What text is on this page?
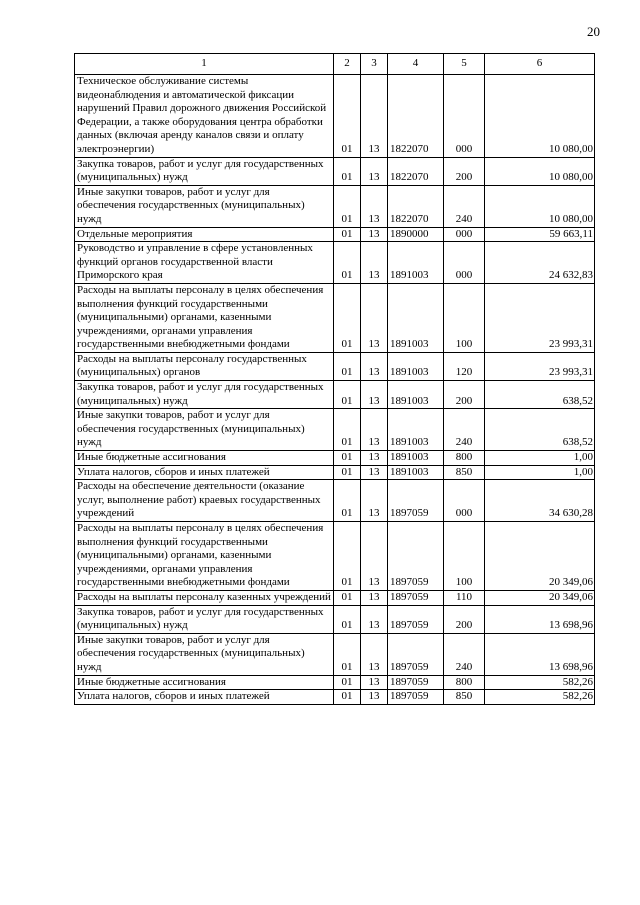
20
1	2	3	4	5	6
Техническое обслуживание системы видеонаблюдения и автоматической фиксации нарушений Правил дорожного движения Российской Федерации, а также оборудования центра обработки данных (включая аренду каналов связи и оплату электроэнергии)	01	13	1822070	000	10 080,00
Закупка товаров, работ и услуг для государственных (муниципальных) нужд	01	13	1822070	200	10 080,00
Иные закупки товаров, работ и услуг для обеспечения государственных (муниципальных) нужд	01	13	1822070	240	10 080,00
Отдельные мероприятия	01	13	1890000	000	59 663,11
Руководство и управление в сфере установленных функций органов государственной власти Приморского края	01	13	1891003	000	24 632,83
Расходы на выплаты персоналу в целях обеспечения выполнения функций государственными (муниципальными) органами, казенными учреждениями, органами управления государственными внебюджетными фондами	01	13	1891003	100	23 993,31
Расходы на выплаты персоналу государственных (муниципальных) органов	01	13	1891003	120	23 993,31
Закупка товаров, работ и услуг для государственных (муниципальных) нужд	01	13	1891003	200	638,52
Иные закупки товаров, работ и услуг для обеспечения государственных (муниципальных) нужд	01	13	1891003	240	638,52
Иные бюджетные ассигнования	01	13	1891003	800	1,00
Уплата налогов, сборов и иных платежей	01	13	1891003	850	1,00
Расходы на обеспечение деятельности (оказание услуг, выполнение работ) краевых государственных учреждений	01	13	1897059	000	34 630,28
Расходы на выплаты персоналу в целях обеспечения выполнения функций государственными (муниципальными) органами, казенными учреждениями, органами управления государственными внебюджетными фондами	01	13	1897059	100	20 349,06
Расходы на выплаты персоналу казенных учреждений	01	13	1897059	110	20 349,06
Закупка товаров, работ и услуг для государственных (муниципальных) нужд	01	13	1897059	200	13 698,96
Иные закупки товаров, работ и услуг для обеспечения государственных (муниципальных) нужд	01	13	1897059	240	13 698,96
Иные бюджетные ассигнования	01	13	1897059	800	582,26
Уплата налогов, сборов и иных платежей	01	13	1897059	850	582,26
